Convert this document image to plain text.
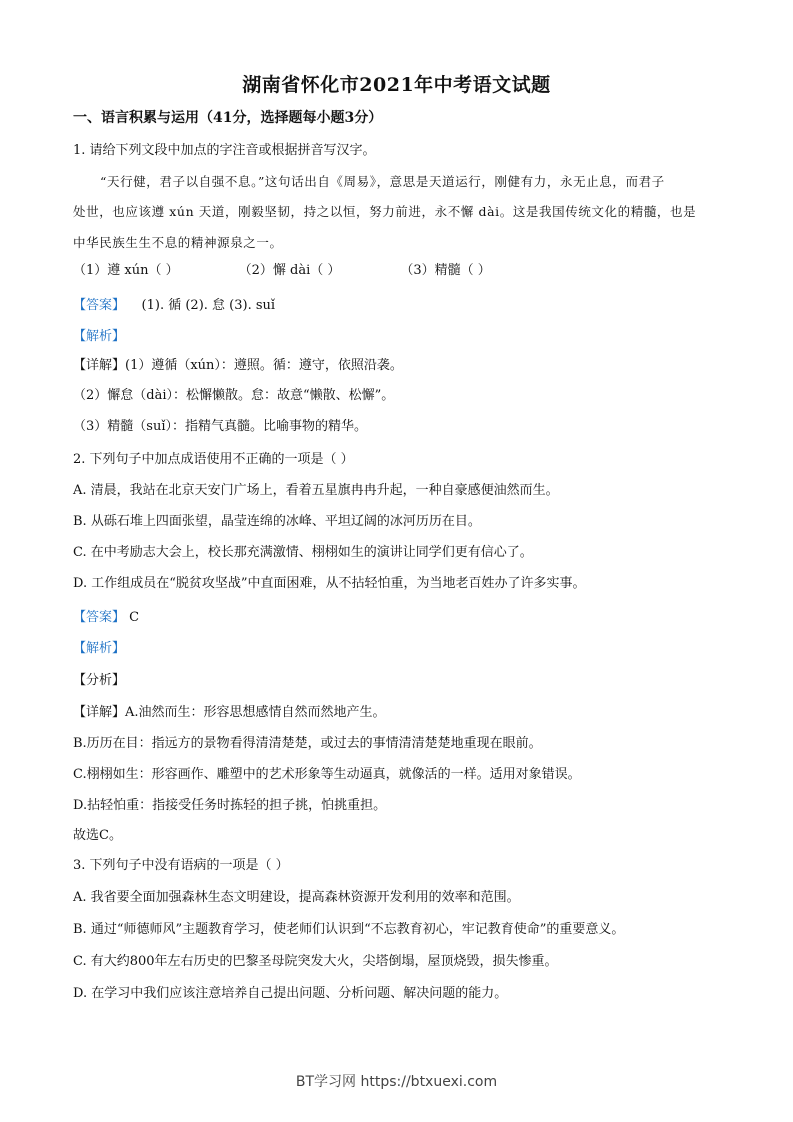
湖南省怀化市2021年中考语文试题
一、语言积累与运用（41分，选择题每小题3分）
1. 请给下列文段中加点的字注音或根据拼音写汉字。
“天行健，君子以自强不息。”这句话出自《周易》，意思是天道运行，刚健有力，永无止息，而君子
处世，也应该遵 xún 天道，刚毅坚韧，持之以恒，努力前进，永不懈 dài。这是我国传统文化的精髓，也是
中华民族生生不息的精神源泉之一。
（1）遵 xún（ ）	（2）懈 dài（ ）	（3）精髓（ ）
【答案】 (1). 循 (2). 怠 (3). suǐ
【解析】
【详解】(1）遵循（xún）：遵照。循：遵守，依照沿袭。
（2）懈怠（dài）：松懈懒散。怠：故意“懒散、松懈”。
（3）精髓（suǐ）：指精气真髓。比喻事物的精华。
2. 下列句子中加点成语使用不正确的一项是（ ）
A. 清晨，我站在北京天安门广场上，看着五星旗冉冉升起，一种自豪感便油然而生。
B. 从砾石堆上四面张望，晶莹连绵的冰峰、平坦辽阔的冰河历历在目。
C. 在中考励志大会上，校长那充满激情、栩栩如生的演讲让同学们更有信心了。
D. 工作组成员在“脱贫攻坚战”中直面困难，从不拈轻怕重，为当地老百姓办了许多实事。
【答案】 C
【解析】
【分析】
【详解】A.油然而生：形容思想感情自然而然地产生。
B.历历在目：指远方的景物看得清清楚楚，或过去的事情清清楚楚地重现在眼前。
C.栩栩如生：形容画作、雕塑中的艺术形象等生动逼真，就像活的一样。适用对象错误。
D.拈轻怕重：指接受任务时拣轻的担子挑，怕挑重担。
故选C。
3. 下列句子中没有语病的一项是（ ）
A. 我省要全面加强森林生态文明建设，提高森林资源开发利用的效率和范围。
B. 通过“师德师风”主题教育学习，使老师们认识到“不忘教育初心，牢记教育使命”的重要意义。
C. 有大约800年左右历史的巴黎圣母院突发大火，尖塔倒塌，屋顶烧毁，损失惨重。
D. 在学习中我们应该注意培养自己提出问题、分析问题、解决问题的能力。
BT学习网 https://btxuexi.com
